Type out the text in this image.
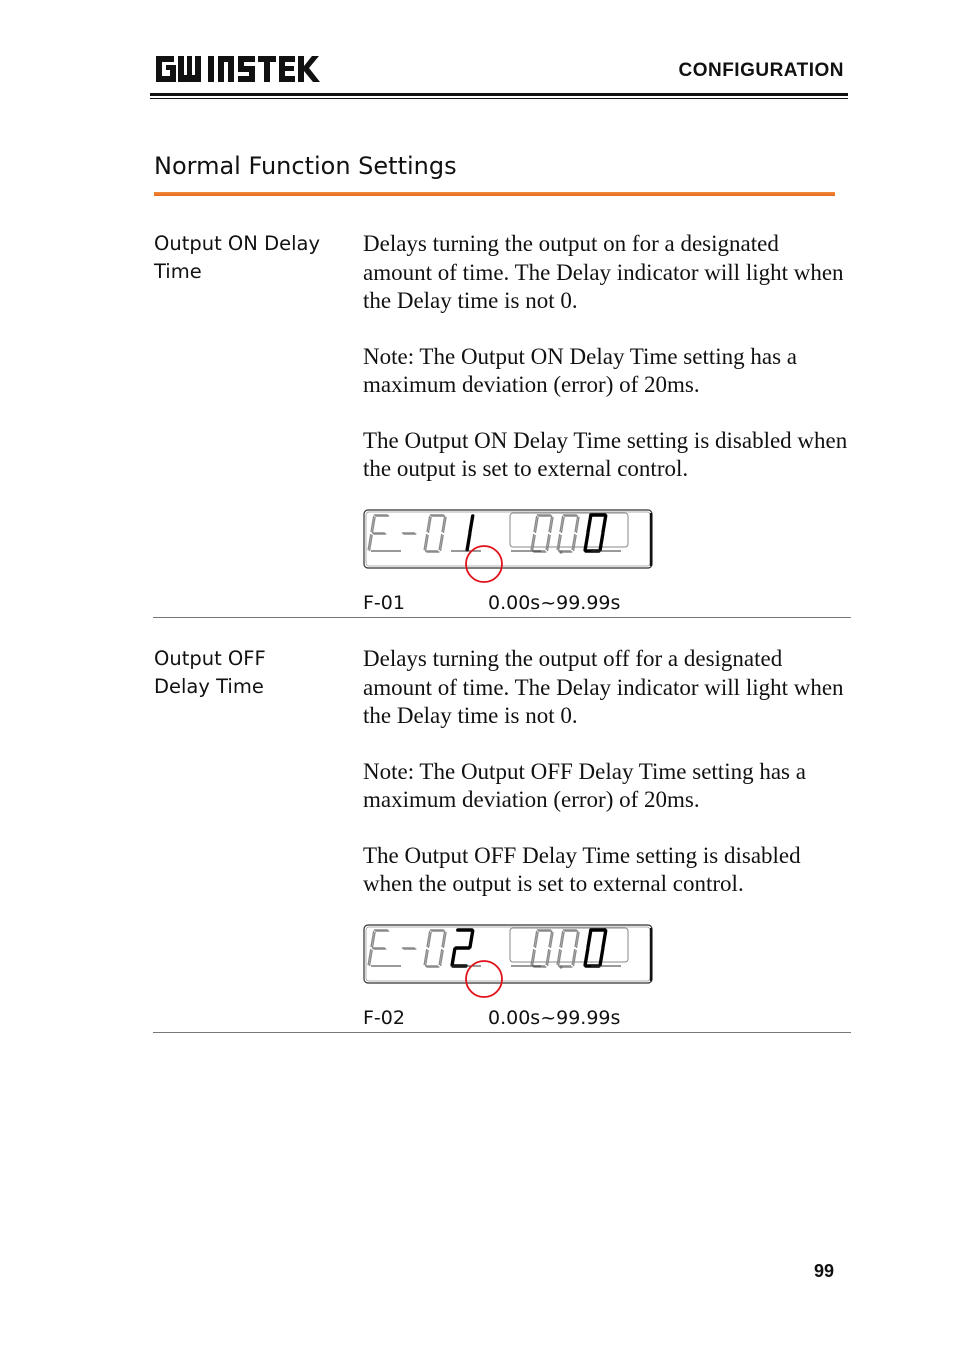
CONFIGURATION
Normal Function Settings
Output ON Delay
Time

Delays turning the output on for a designated amount of time. The Delay indicator will light when the Delay time is not 0.

Note: The Output ON Delay Time setting has a maximum deviation (error) of 20ms.

The Output ON Delay Time setting is disabled when the output is set to external control.

F-01	0.00s~99.99s
Output OFF
Delay Time

Delays turning the output off for a designated amount of time. The Delay indicator will light when the Delay time is not 0.

Note: The Output OFF Delay Time setting has a maximum deviation (error) of 20ms.

The Output OFF Delay Time setting is disabled when the output is set to external control.

F-02	0.00s~99.99s
99
